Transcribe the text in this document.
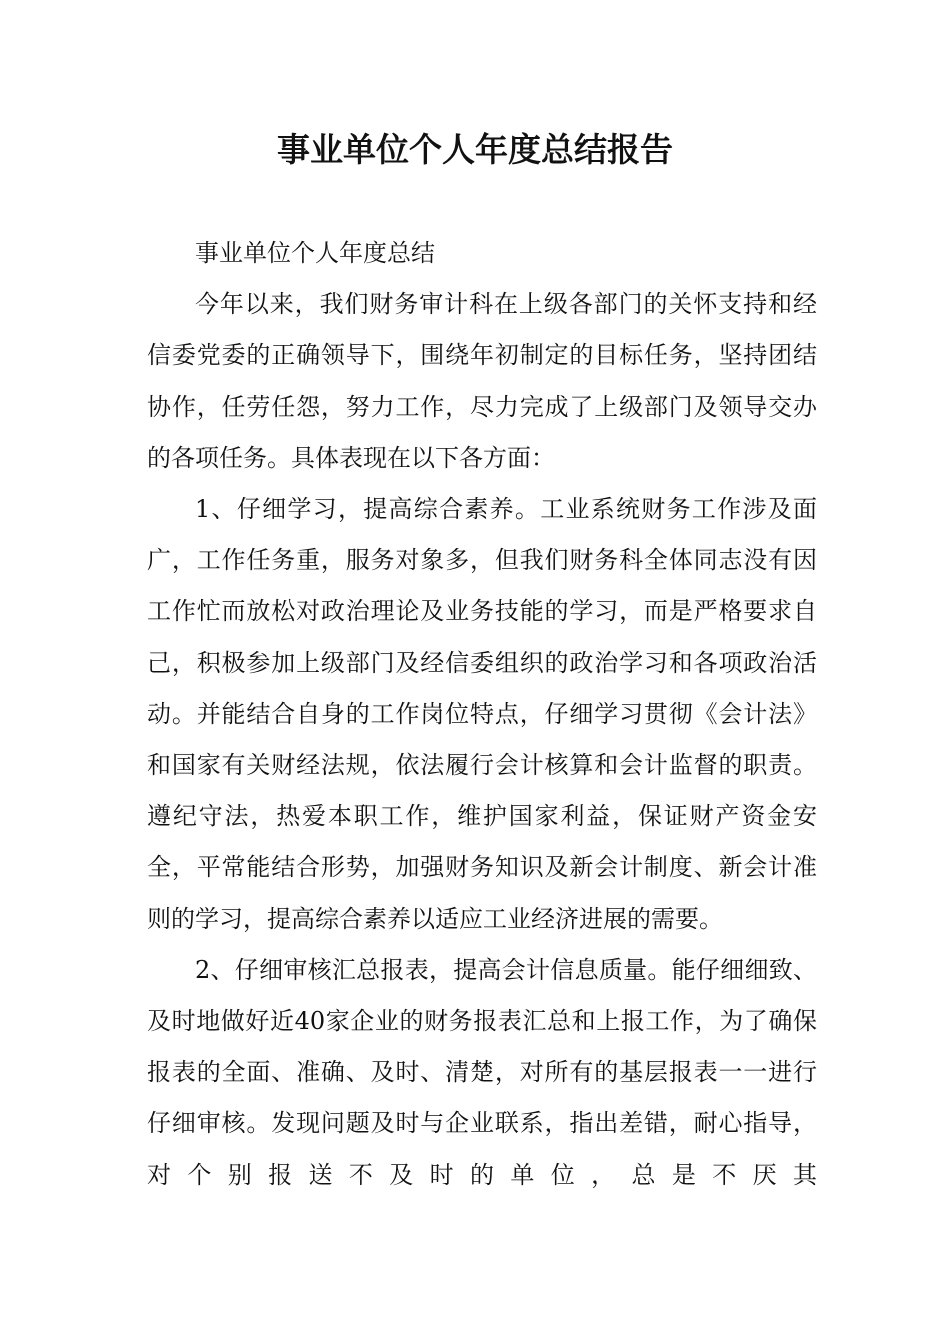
事业单位个人年度总结报告

事业单位个人年度总结

今年以来，我们财务审计科在上级各部门的关怀支持和经信委党委的正确领导下，围绕年初制定的目标任务，坚持团结协作，任劳任怨，努力工作，尽力完成了上级部门及领导交办的各项任务。具体表现在以下各方面：

1、仔细学习，提高综合素养。工业系统财务工作涉及面广，工作任务重，服务对象多，但我们财务科全体同志没有因工作忙而放松对政治理论及业务技能的学习，而是严格要求自己，积极参加上级部门及经信委组织的政治学习和各项政治活动。并能结合自身的工作岗位特点，仔细学习贯彻《会计法》和国家有关财经法规，依法履行会计核算和会计监督的职责。遵纪守法，热爱本职工作，维护国家利益，保证财产资金安全，平常能结合形势，加强财务知识及新会计制度、新会计准则的学习，提高综合素养以适应工业经济进展的需要。

2、仔细审核汇总报表，提高会计信息质量。能仔细细致、及时地做好近40家企业的财务报表汇总和上报工作，为了确保报表的全面、准确、及时、清楚，对所有的基层报表一一进行仔细审核。发现问题及时与企业联系，指出差错，耐心指导，对个别报送不及时的单位，总是不厌其
